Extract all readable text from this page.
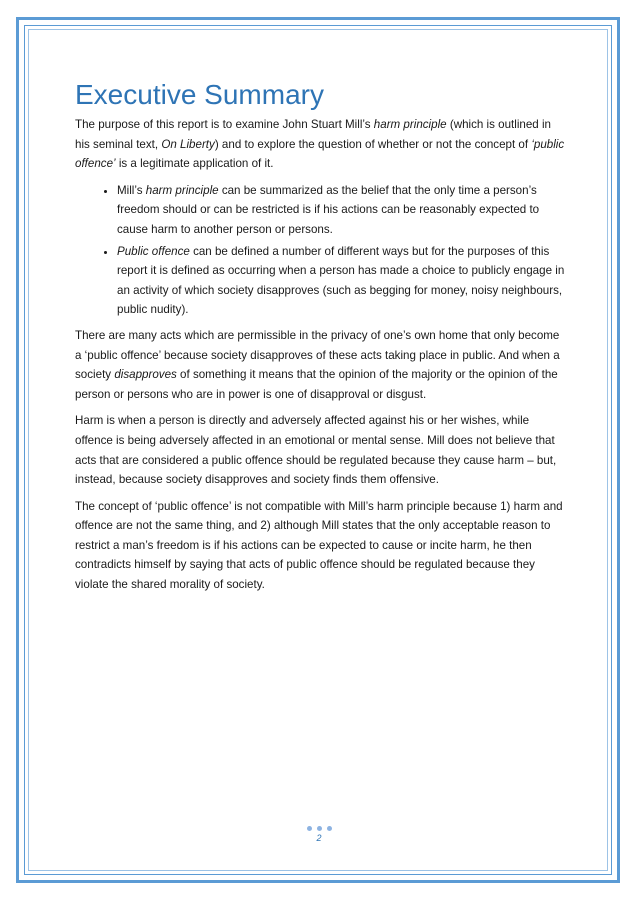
Executive Summary

The purpose of this report is to examine John Stuart Mill’s harm principle (which is outlined in his seminal text, On Liberty) and to explore the question of whether or not the concept of ‘public offence’ is a legitimate application of it.

• Mill’s harm principle can be summarized as the belief that the only time a person’s freedom should or can be restricted is if his actions can be reasonably expected to cause harm to another person or persons.
• Public offence can be defined a number of different ways but for the purposes of this report it is defined as occurring when a person has made a choice to publicly engage in an activity of which society disapproves (such as begging for money, noisy neighbours, public nudity).

There are many acts which are permissible in the privacy of one’s own home that only become a ‘public offence’ because society disapproves of these acts taking place in public. And when a society disapproves of something it means that the opinion of the majority or the opinion of the person or persons who are in power is one of disapproval or disgust.

Harm is when a person is directly and adversely affected against his or her wishes, while offence is being adversely affected in an emotional or mental sense. Mill does not believe that acts that are considered a public offence should be regulated because they cause harm – but, instead, because society disapproves and society finds them offensive.

The concept of ‘public offence’ is not compatible with Mill’s harm principle because 1) harm and offence are not the same thing, and 2) although Mill states that the only acceptable reason to restrict a man’s freedom is if his actions can be expected to cause or incite harm, he then contradicts himself by saying that acts of public offence should be regulated because they violate the shared morality of society.

2
